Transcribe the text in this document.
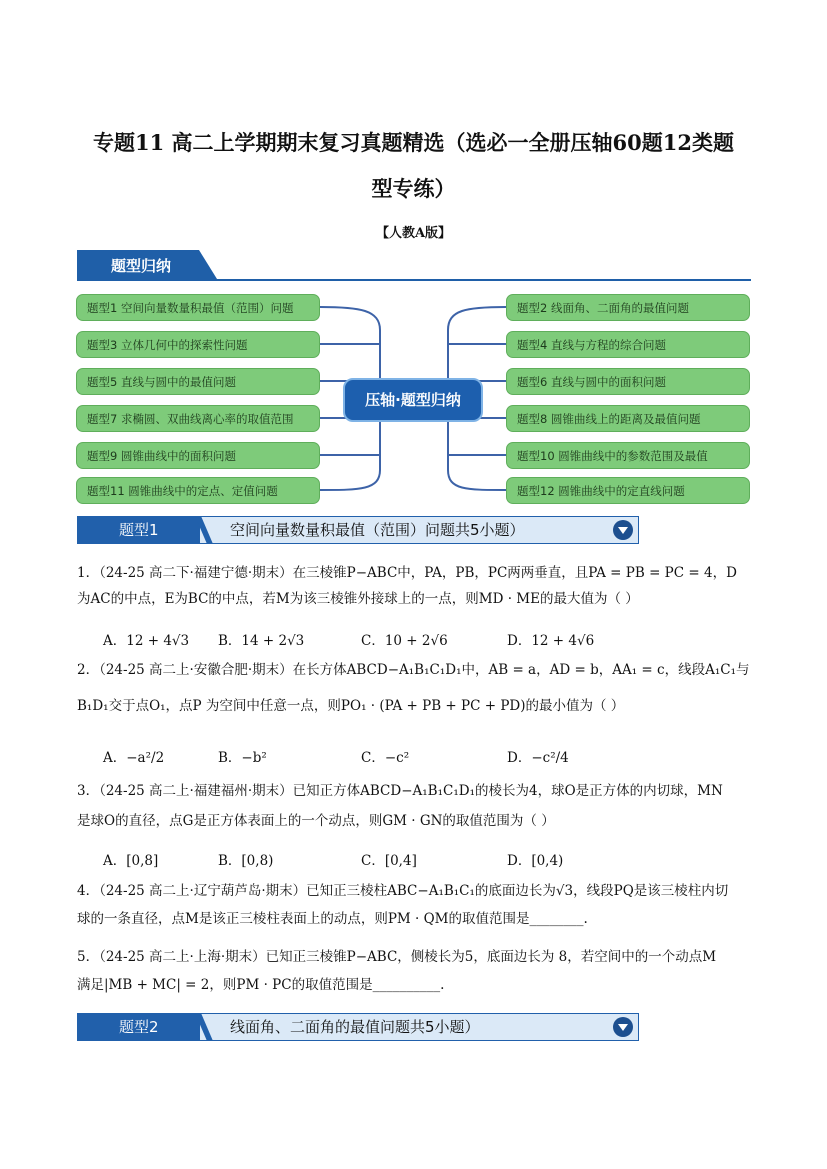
专题11 高二上学期期末复习真题精选（选必一全册压轴60题12类题
型专练）
【人教A版】
题型归纳
题型1 空间向量数量积最值（范围）问题
题型3 立体几何中的探索性问题
题型5 直线与圆中的最值问题
题型7 求椭圆、双曲线离心率的取值范围
题型9 圆锥曲线中的面积问题
题型11 圆锥曲线中的定点、定值问题
题型2 线面角、二面角的最值问题
题型4 直线与方程的综合问题
题型6 直线与圆中的面积问题
题型8 圆锥曲线上的距离及最值问题
题型10 圆锥曲线中的参数范围及最值
题型12 圆锥曲线中的定直线问题
压轴·题型归纳
题型1	空间向量数量积最值（范围）问题共5小题）
1．（24-25 高二下·福建宁德·期末）在三棱锥P−ABC中，PA，PB，PC两两垂直，且PA = PB = PC = 4，D
为AC的中点，E为BC的中点，若M为该三棱锥外接球上的一点，则MD · ME的最大值为（ ）
A．12 + 4√3 B．14 + 2√3	C．10 + 2√6	D．12 + 4√6
2．（24-25 高二上·安徽合肥·期末）在长方体ABCD−A₁B₁C₁D₁中，AB = a，AD = b，AA₁ = c，线段A₁C₁与
B₁D₁交于点O₁，点P 为空间中任意一点，则PO₁ · (PA + PB + PC + PD)的最小值为（ ）
A．−a²/2	B．−b²	C．−c²	D．−c²/4
3．（24-25 高二上·福建福州·期末）已知正方体ABCD−A₁B₁C₁D₁的棱长为4，球O是正方体的内切球，MN
是球O的直径，点G是正方体表面上的一个动点，则GM · GN的取值范围为（ ）
A．[0,8]	B．[0,8)	C．[0,4]	D．[0,4)
4．（24-25 高二上·辽宁葫芦岛·期末）已知正三棱柱ABC−A₁B₁C₁的底面边长为√3，线段PQ是该三棱柱内切
球的一条直径，点M是该正三棱柱表面上的动点，则PM · QM的取值范围是________.
5．（24-25 高二上·上海·期末）已知正三棱锥P−ABC，侧棱长为5，底面边长为 8，若空间中的一个动点M
满足|MB + MC| = 2，则PM · PC的取值范围是__________.
题型2	线面角、二面角的最值问题共5小题）
